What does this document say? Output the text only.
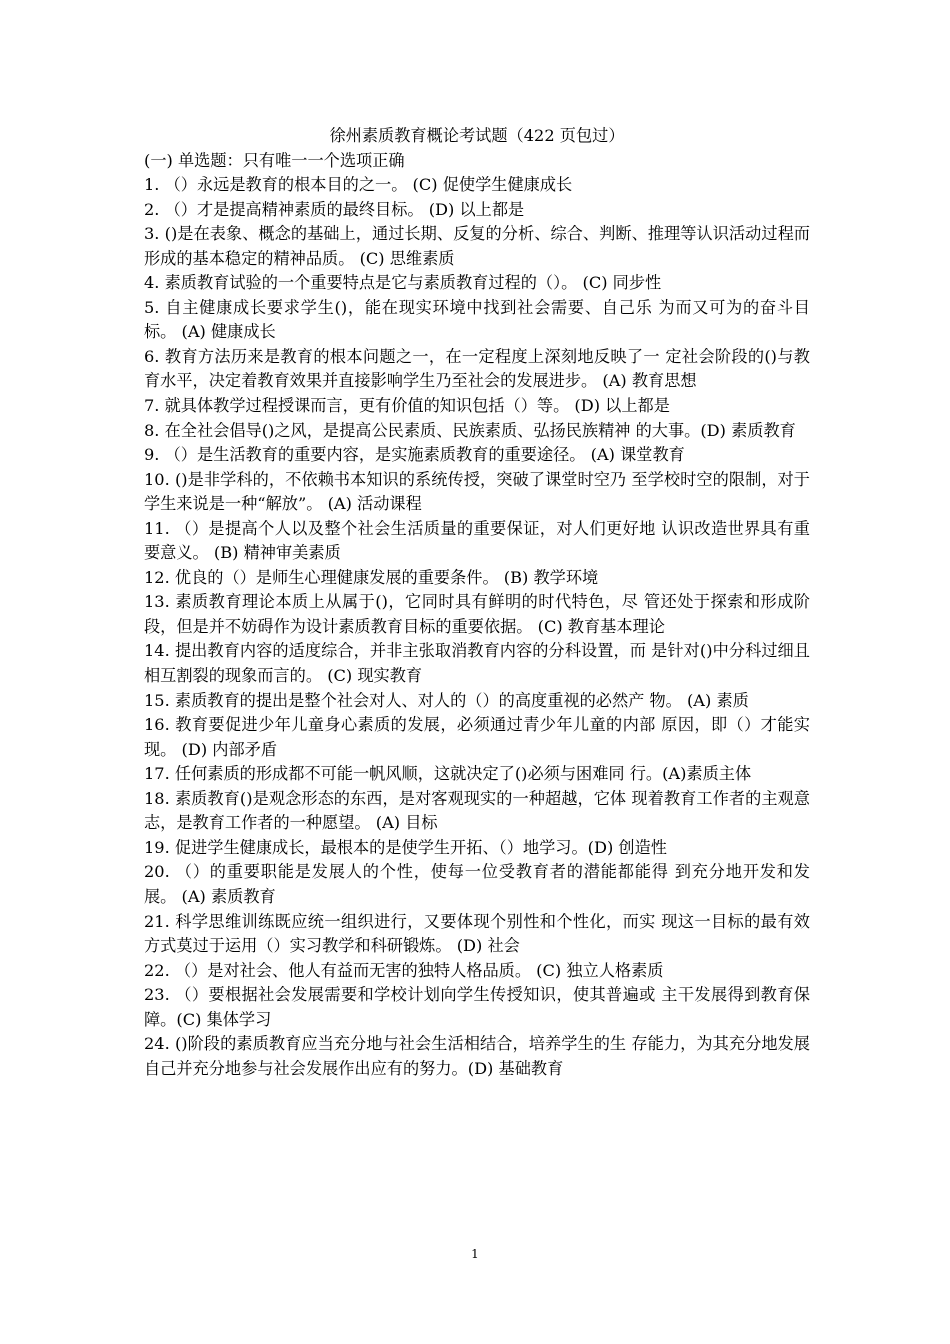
徐州素质教育概论考试题（422 页包过）

(一) 单选题：只有唯一一个选项正确

1. （）永远是教育的根本目的之一。 (C) 促使学生健康成长

2. （）才是提高精神素质的最终目标。 (D) 以上都是

3. ()是在表象、概念的基础上，通过长期、反复的分析、综合、判断、推理等认识活动过程而形成的基本稳定的精神品质。 (C) 思维素质

4. 素质教育试验的一个重要特点是它与素质教育过程的（）。 (C) 同步性

5. 自主健康成长要求学生()，能在现实环境中找到社会需要、自己乐 为而又可为的奋斗目标。 (A) 健康成长

6. 教育方法历来是教育的根本问题之一，在一定程度上深刻地反映了一 定社会阶段的()与教育水平，决定着教育效果并直接影响学生乃至社会的发展进步。 (A) 教育思想

7. 就具体教学过程授课而言，更有价值的知识包括（）等。 (D) 以上都是

8. 在全社会倡导()之风，是提高公民素质、民族素质、弘扬民族精神 的大事。(D) 素质教育

9. （）是生活教育的重要内容，是实施素质教育的重要途径。 (A) 课堂教育

10. ()是非学科的，不依赖书本知识的系统传授，突破了课堂时空乃 至学校时空的限制，对于学生来说是一种“解放”。 (A) 活动课程

11. （）是提高个人以及整个社会生活质量的重要保证，对人们更好地 认识改造世界具有重要意义。 (B) 精神审美素质

12. 优良的（）是师生心理健康发展的重要条件。 (B) 教学环境

13. 素质教育理论本质上从属于()，它同时具有鲜明的时代特色，尽 管还处于探索和形成阶段，但是并不妨碍作为设计素质教育目标的重要依据。 (C) 教育基本理论

14. 提出教育内容的适度综合，并非主张取消教育内容的分科设置，而 是针对()中分科过细且相互割裂的现象而言的。 (C) 现实教育

15. 素质教育的提出是整个社会对人、对人的（）的高度重视的必然产 物。 (A) 素质

16. 教育要促进少年儿童身心素质的发展，必须通过青少年儿童的内部 原因，即（）才能实现。 (D) 内部矛盾

17. 任何素质的形成都不可能一帆风顺，这就决定了()必须与困难同 行。(A)素质主体

18. 素质教育()是观念形态的东西，是对客观现实的一种超越，它体 现着教育工作者的主观意志，是教育工作者的一种愿望。 (A) 目标

19. 促进学生健康成长，最根本的是使学生开拓、（）地学习。(D) 创造性

20. （）的重要职能是发展人的个性，使每一位受教育者的潜能都能得 到充分地开发和发展。 (A) 素质教育

21. 科学思维训练既应统一组织进行，又要体现个别性和个性化，而实 现这一目标的最有效方式莫过于运用（）实习教学和科研锻炼。 (D) 社会

22. （）是对社会、他人有益而无害的独特人格品质。 (C) 独立人格素质

23. （）要根据社会发展需要和学校计划向学生传授知识，使其普遍或 主干发展得到教育保障。(C) 集体学习

24. ()阶段的素质教育应当充分地与社会生活相结合，培养学生的生 存能力，为其充分地发展自己并充分地参与社会发展作出应有的努力。(D) 基础教育

1
